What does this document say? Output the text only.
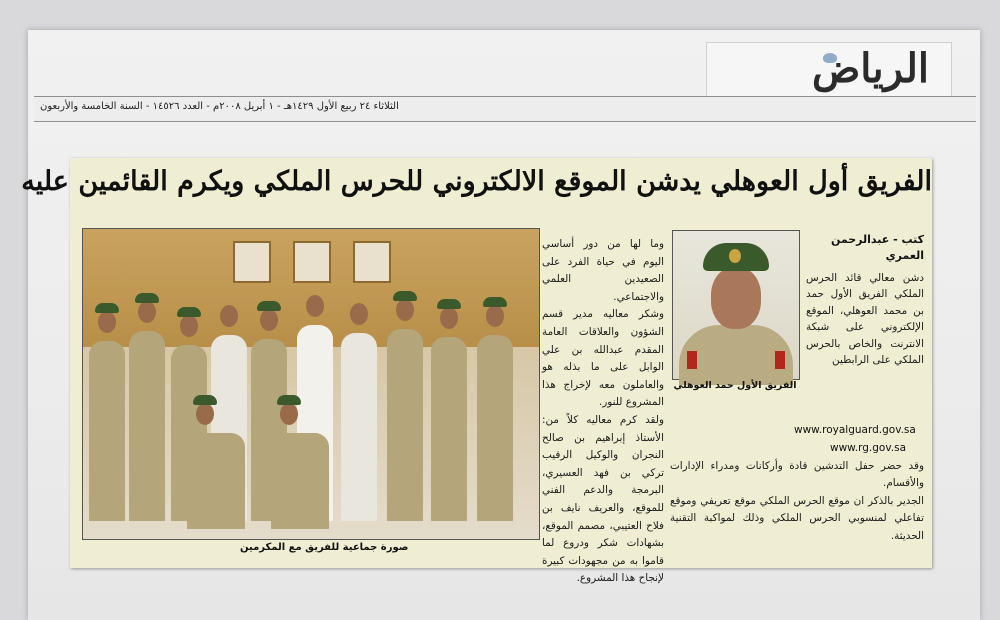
الرياض
الثلاثاء ٢٤ ربيع الأول ١٤٢٩هـ - ١ أبريل ٢٠٠٨م - العدد ١٤٥٢٦ - السنة الخامسة والأربعون
الفريق أول العوهلي يدشن الموقع الالكتروني للحرس الملكي ويكرم القائمين عليه
صورة جماعية للفريق مع المكرمين

وما لها من دور أساسي اليوم في حياة الفرد على الصعيدين العلمي والاجتماعي.

وشكر معاليه مدير قسم الشؤون والعلاقات العامة المقدم عبدالله بن علي الوابل على ما بذله هو والعاملون معه لإخراج هذا المشروع للنور.

ولقد كرم معاليه كلاً من: الأستاذ إبراهيم بن صالح النجران والوكيل الرقيب تركي بن فهد العسيري، البرمجة والدعم الفني للموقع، والعريف نايف بن فلاح العتيبي، مصمم الموقع، بشهادات شكر ودروع لما قاموا به من مجهودات كبيرة لإنجاح هذا المشروع.

الفريق الأول حمد العوهلي
كتب - عبدالرحمن العمري
دشن معالي قائد الحرس الملكي الفريق الأول حمد بن محمد العوهلي، الموقع الإلكتروني على شبكة الانترنت والخاص بالحرس الملكي على الرابطين
www.royalguard.gov.sa
www.rg.gov.sa

وقد حضر حفل التدشين قادة وأركانات ومدراء الإدارات والأقسام.

الجدير بالذكر ان موقع الحرس الملكي موقع تعريفي وموقع تفاعلي لمنسوبي الحرس الملكي وذلك لمواكبة التقنية الحديثة.
